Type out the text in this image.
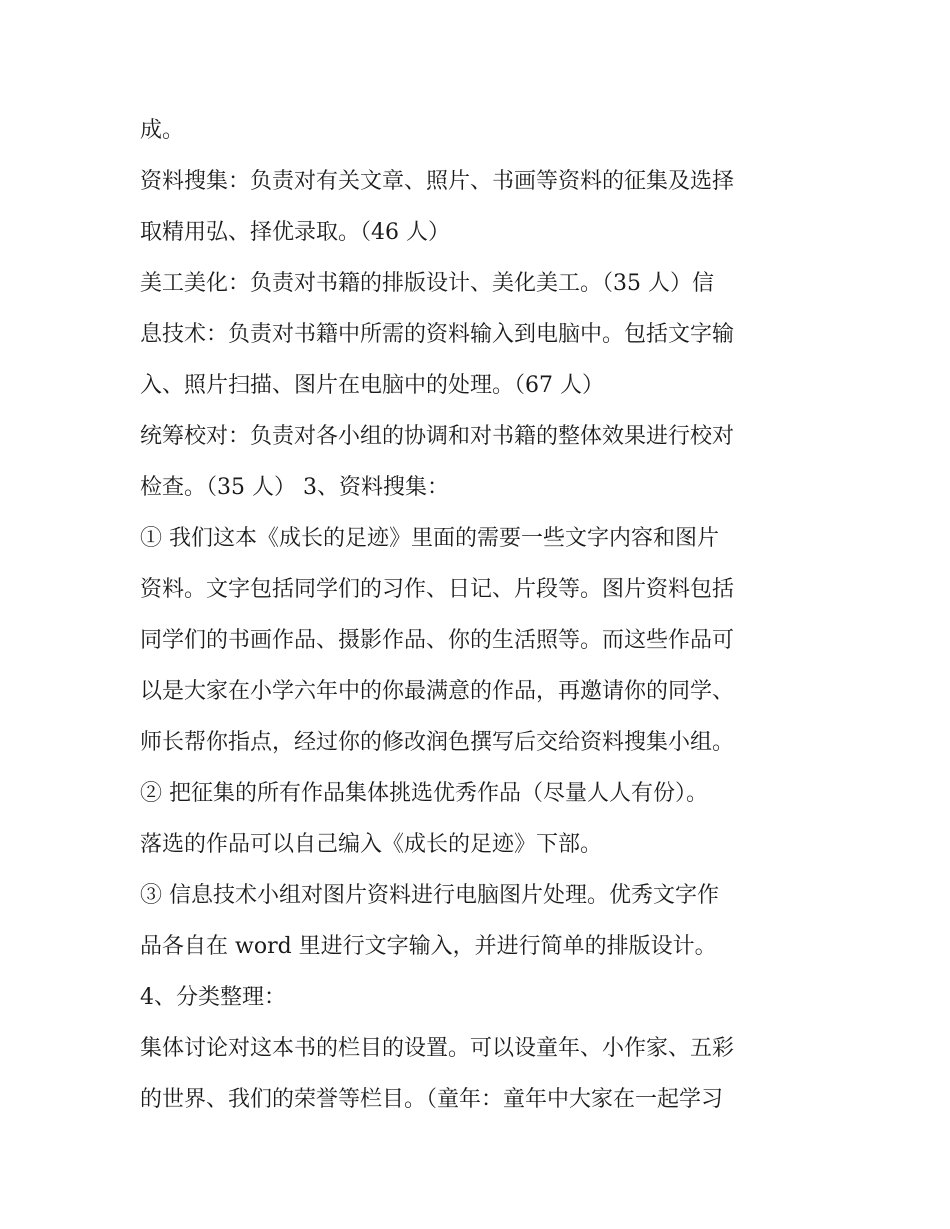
成。
资料搜集：负责对有关文章、照片、书画等资料的征集及选择
取精用弘、择优录取。（46 人）
美工美化：负责对书籍的排版设计、美化美工。（35 人）信
息技术：负责对书籍中所需的资料输入到电脑中。包括文字输
入、照片扫描、图片在电脑中的处理。（67 人）
统筹校对：负责对各小组的协调和对书籍的整体效果进行校对
检查。（35 人） 3、资料搜集：
① 我们这本《成长的足迹》里面的需要一些文字内容和图片
资料。文字包括同学们的习作、日记、片段等。图片资料包括
同学们的书画作品、摄影作品、你的生活照等。而这些作品可
以是大家在小学六年中的你最满意的作品，再邀请你的同学、
师长帮你指点，经过你的修改润色撰写后交给资料搜集小组。
② 把征集的所有作品集体挑选优秀作品（尽量人人有份）。
落选的作品可以自己编入《成长的足迹》下部。
③ 信息技术小组对图片资料进行电脑图片处理。优秀文字作
品各自在 word 里进行文字输入，并进行简单的排版设计。
4、分类整理：
集体讨论对这本书的栏目的设置。可以设童年、小作家、五彩
的世界、我们的荣誉等栏目。（童年：童年中大家在一起学习
